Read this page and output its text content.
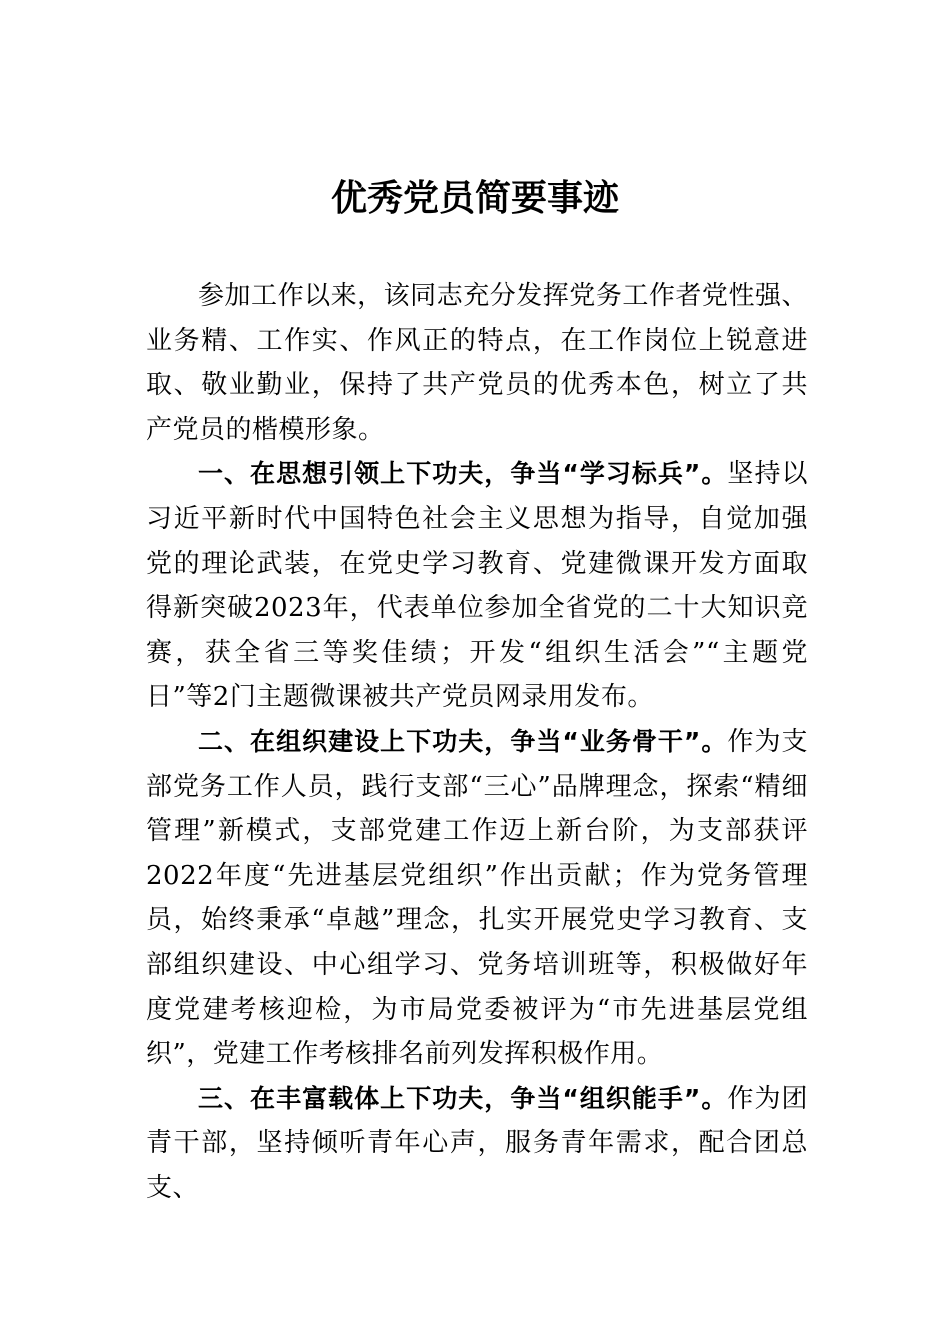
优秀党员简要事迹

参加工作以来，该同志充分发挥党务工作者党性强、业务精、工作实、作风正的特点，在工作岗位上锐意进取、敬业勤业，保持了共产党员的优秀本色，树立了共产党员的楷模形象。

一、在思想引领上下功夫，争当“学习标兵”。坚持以习近平新时代中国特色社会主义思想为指导，自觉加强党的理论武装，在党史学习教育、党建微课开发方面取得新突破2023年，代表单位参加全省党的二十大知识竞赛，获全省三等奖佳绩；开发“组织生活会”“主题党日”等2门主题微课被共产党员网录用发布。

二、在组织建设上下功夫，争当“业务骨干”。作为支部党务工作人员，践行支部“三心”品牌理念，探索“精细管理”新模式，支部党建工作迈上新台阶，为支部获评2022年度“先进基层党组织”作出贡献；作为党务管理员，始终秉承“卓越”理念，扎实开展党史学习教育、支部组织建设、中心组学习、党务培训班等，积极做好年度党建考核迎检，为市局党委被评为“市先进基层党组织”，党建工作考核排名前列发挥积极作用。

三、在丰富载体上下功夫，争当“组织能手”。作为团青干部，坚持倾听青年心声，服务青年需求，配合团总支、
